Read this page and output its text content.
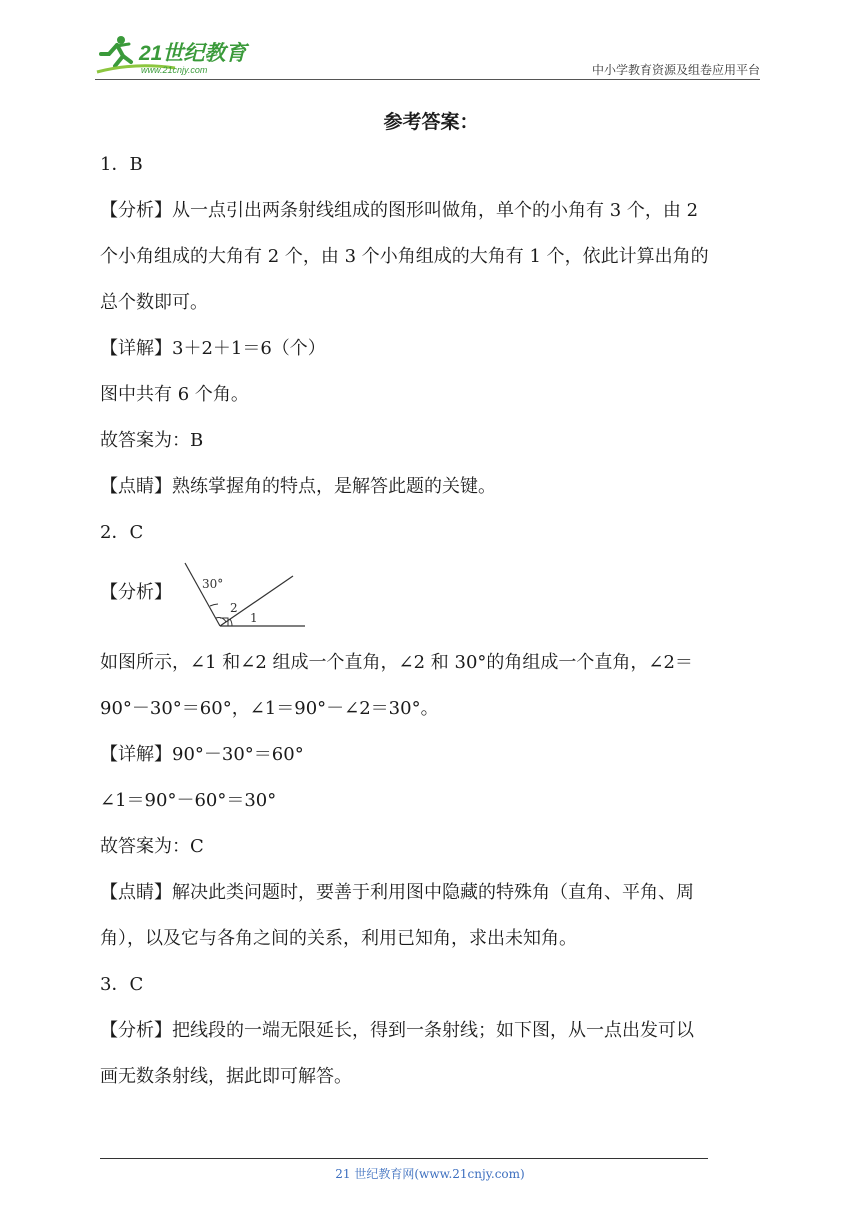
21世纪教育
www.21cnjy.com	中小学教育资源及组卷应用平台
参考答案：
1．B
【分析】从一点引出两条射线组成的图形叫做角，单个的小角有 3 个，由 2
个小角组成的大角有 2 个，由 3 个小角组成的大角有 1 个，依此计算出角的
总个数即可。
【详解】3＋2＋1＝6（个）
图中共有 6 个角。
故答案为：B
【点睛】熟练掌握角的特点，是解答此题的关键。
2．C
【分析】	30°
2
1
如图所示，∠1 和∠2 组成一个直角，∠2 和 30°的角组成一个直角，∠2＝
90°－30°＝60°，∠1＝90°－∠2＝30°。
【详解】90°－30°＝60°
∠1＝90°－60°＝30°
故答案为：C
【点睛】解决此类问题时，要善于利用图中隐藏的特殊角（直角、平角、周
角），以及它与各角之间的关系，利用已知角，求出未知角。
3．C
【分析】把线段的一端无限延长，得到一条射线；如下图，从一点出发可以
画无数条射线，据此即可解答。
21 世纪教育网(www.21cnjy.com)
